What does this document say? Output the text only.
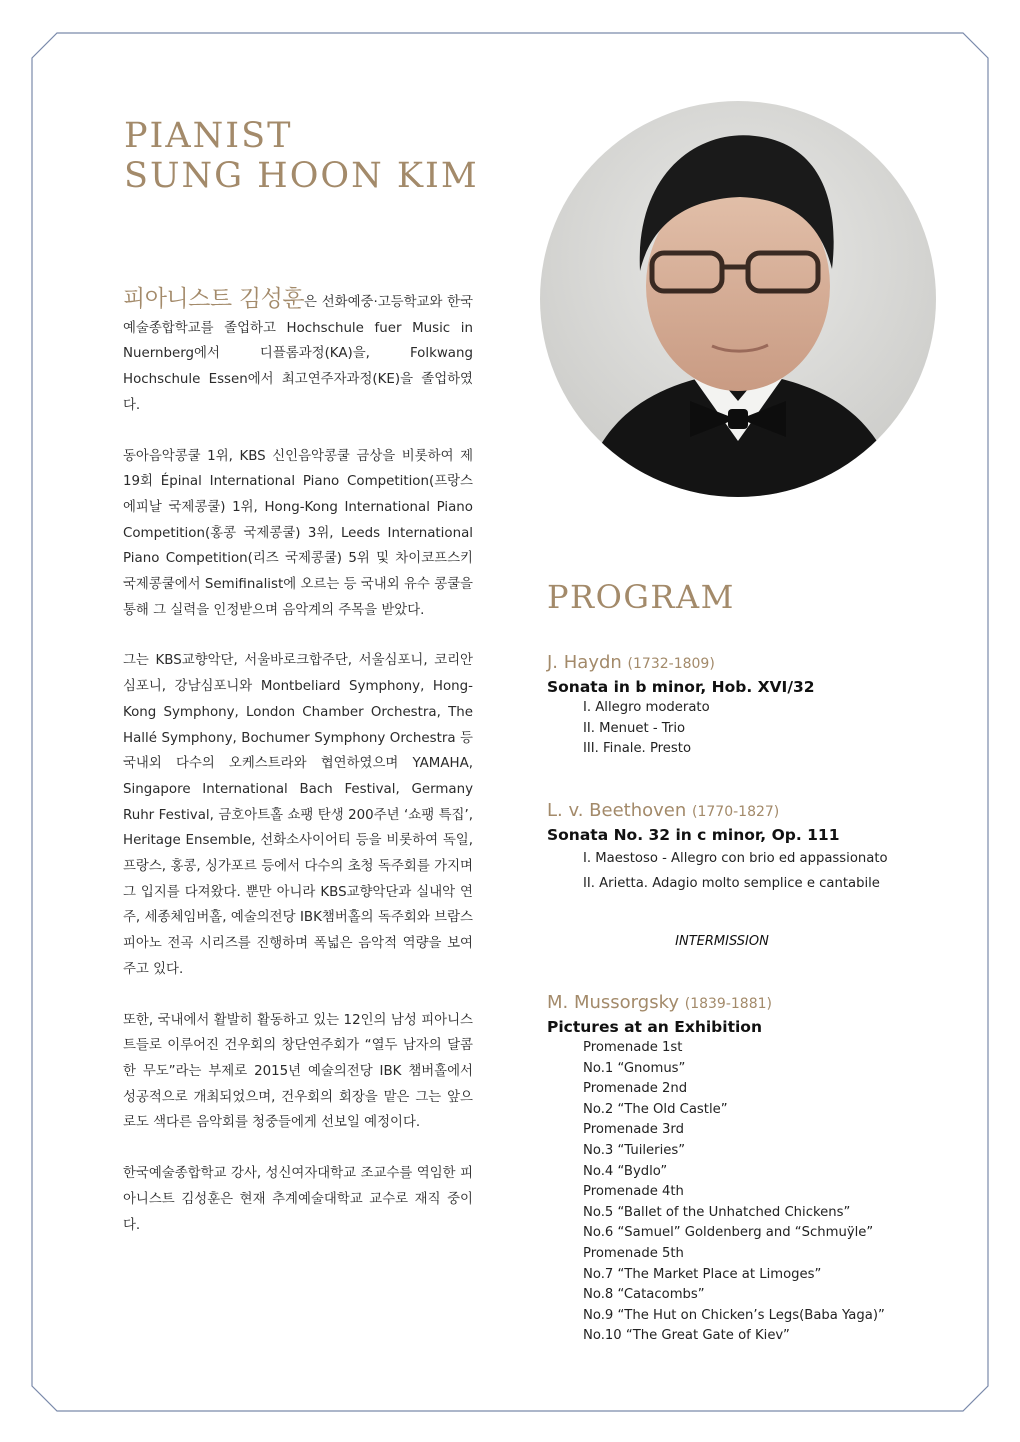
PIANIST
SUNG HOON KIM

피아니스트 김성훈은 선화예중·고등학교와 한국예술종합학교를 졸업하고 Hochschule fuer Music in Nuernberg에서 디플롬과정(KA)을, Folkwang Hochschule Essen에서 최고연주자과정(KE)을 졸업하였다.

동아음악콩쿨 1위, KBS 신인음악콩쿨 금상을 비롯하여 제19회 Épinal International Piano Competition(프랑스 에피날 국제콩쿨) 1위, Hong-Kong International Piano Competition(홍콩 국제콩쿨) 3위, Leeds International Piano Competition(리즈 국제콩쿨) 5위 및 차이코프스키 국제콩쿨에서 Semifinalist에 오르는 등 국내외 유수 콩쿨을 통해 그 실력을 인정받으며 음악계의 주목을 받았다.

그는 KBS교향악단, 서울바로크합주단, 서울심포니, 코리안심포니, 강남심포니와 Montbeliard Symphony, Hong-Kong Symphony, London Chamber Orchestra, The Hallé Symphony, Bochumer Symphony Orchestra 등 국내외 다수의 오케스트라와 협연하였으며 YAMAHA, Singapore International Bach Festival, Germany Ruhr Festival, 금호아트홀 쇼팽 탄생 200주년 ‘쇼팽 특집’, Heritage Ensemble, 선화소사이어티 등을 비롯하여 독일, 프랑스, 홍콩, 싱가포르 등에서 다수의 초청 독주회를 가지며 그 입지를 다져왔다. 뿐만 아니라 KBS교향악단과 실내악 연주, 세종체임버홀, 예술의전당 IBK챔버홀의 독주회와 브람스 피아노 전곡 시리즈를 진행하며 폭넓은 음악적 역량을 보여주고 있다.

또한, 국내에서 활발히 활동하고 있는 12인의 남성 피아니스트들로 이루어진 건우회의 창단연주회가 “열두 남자의 달콤한 무도”라는 부제로 2015년 예술의전당 IBK 챔버홀에서 성공적으로 개최되었으며, 건우회의 회장을 맡은 그는 앞으로도 색다른 음악회를 청중들에게 선보일 예정이다.

한국예술종합학교 강사, 성신여자대학교 조교수를 역임한 피아니스트 김성훈은 현재 추계예술대학교 교수로 재직 중이다.

PROGRAM
J. Haydn (1732-1809)
Sonata in b minor, Hob. XVI/32
I. Allegro moderato
II. Menuet - Trio
III. Finale. Presto
L. v. Beethoven (1770-1827)
Sonata No. 32 in c minor, Op. 111
I. Maestoso - Allegro con brio ed appassionato
II. Arietta. Adagio molto semplice e cantabile
INTERMISSION
M. Mussorgsky (1839-1881)
Pictures at an Exhibition
Promenade 1st
No.1 “Gnomus”
Promenade 2nd
No.2 “The Old Castle”
Promenade 3rd
No.3 “Tuileries”
No.4 “Bydlo”
Promenade 4th
No.5 “Ballet of the Unhatched Chickens”
No.6 “Samuel” Goldenberg and “Schmuÿle”
Promenade 5th
No.7 “The Market Place at Limoges”
No.8 “Catacombs”
No.9 “The Hut on Chicken’s Legs(Baba Yaga)”
No.10 “The Great Gate of Kiev”
